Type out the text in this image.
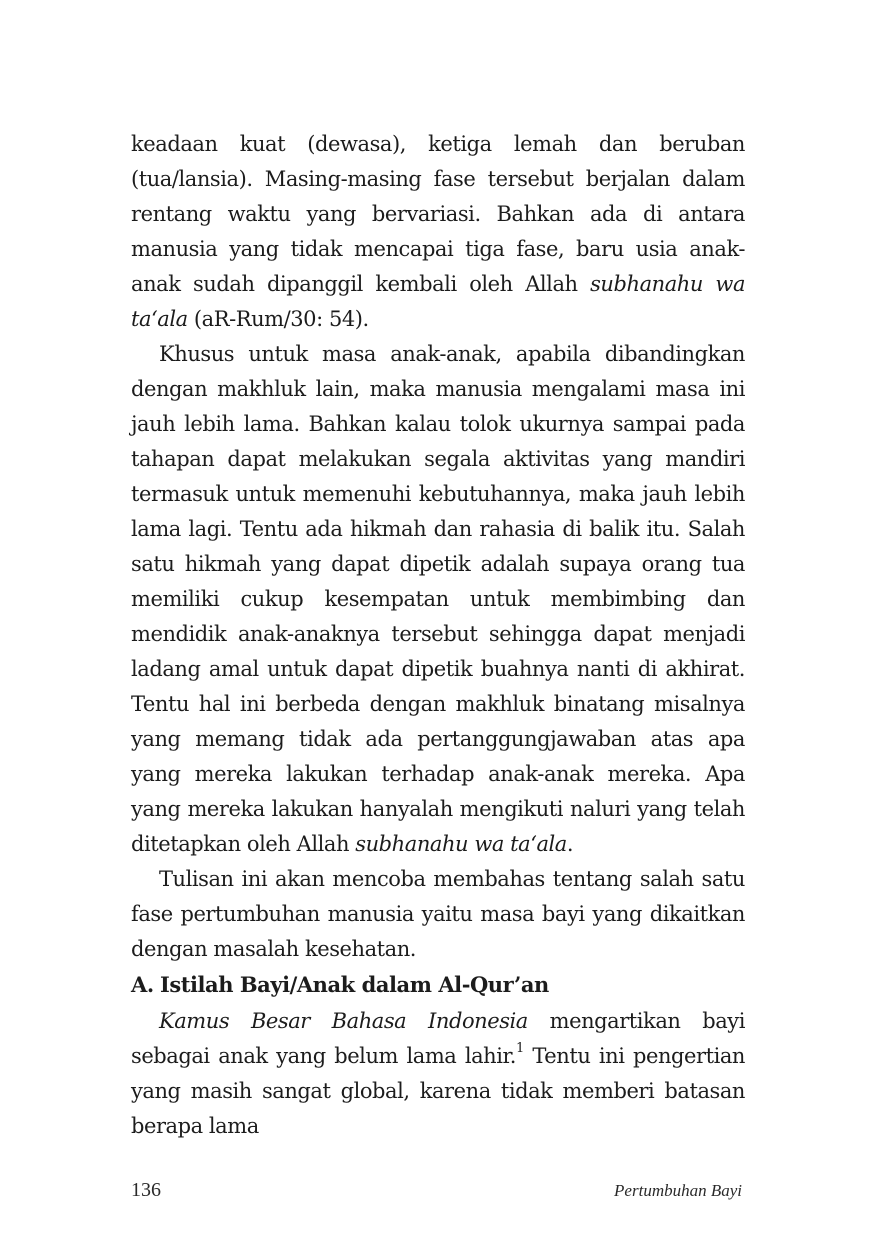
keadaan kuat (dewasa), ketiga lemah dan beruban (tua/lansia). Masing-masing fase tersebut berjalan dalam rentang waktu yang bervariasi. Bahkan ada di antara manusia yang tidak mencapai tiga fase, baru usia anak-anak sudah dipanggil kembali oleh Allah subhanahu wa ta‘ala (aR-Rum/30: 54).

Khusus untuk masa anak-anak, apabila dibandingkan dengan makhluk lain, maka manusia mengalami masa ini jauh lebih lama. Bahkan kalau tolok ukurnya sampai pada tahapan dapat melakukan segala aktivitas yang mandiri termasuk untuk memenuhi kebutuhannya, maka jauh lebih lama lagi. Tentu ada hikmah dan rahasia di balik itu. Salah satu hikmah yang dapat dipetik adalah supaya orang tua memiliki cukup kesempatan untuk membimbing dan mendidik anak-anaknya tersebut sehingga dapat menjadi ladang amal untuk dapat dipetik buahnya nanti di akhirat. Tentu hal ini berbeda dengan makhluk binatang misalnya yang memang tidak ada pertanggungjawaban atas apa yang mereka lakukan terhadap anak-anak mereka. Apa yang mereka lakukan hanyalah mengikuti naluri yang telah ditetapkan oleh Allah subhanahu wa ta‘ala.

Tulisan ini akan mencoba membahas tentang salah satu fase pertumbuhan manusia yaitu masa bayi yang dikaitkan dengan masalah kesehatan.

A. Istilah Bayi/Anak dalam Al-Qur’an

Kamus Besar Bahasa Indonesia mengartikan bayi sebagai anak yang belum lama lahir.$^1$ Tentu ini pengertian yang masih sangat global, karena tidak memberi batasan berapa lama

136	Pertumbuhan Bayi
